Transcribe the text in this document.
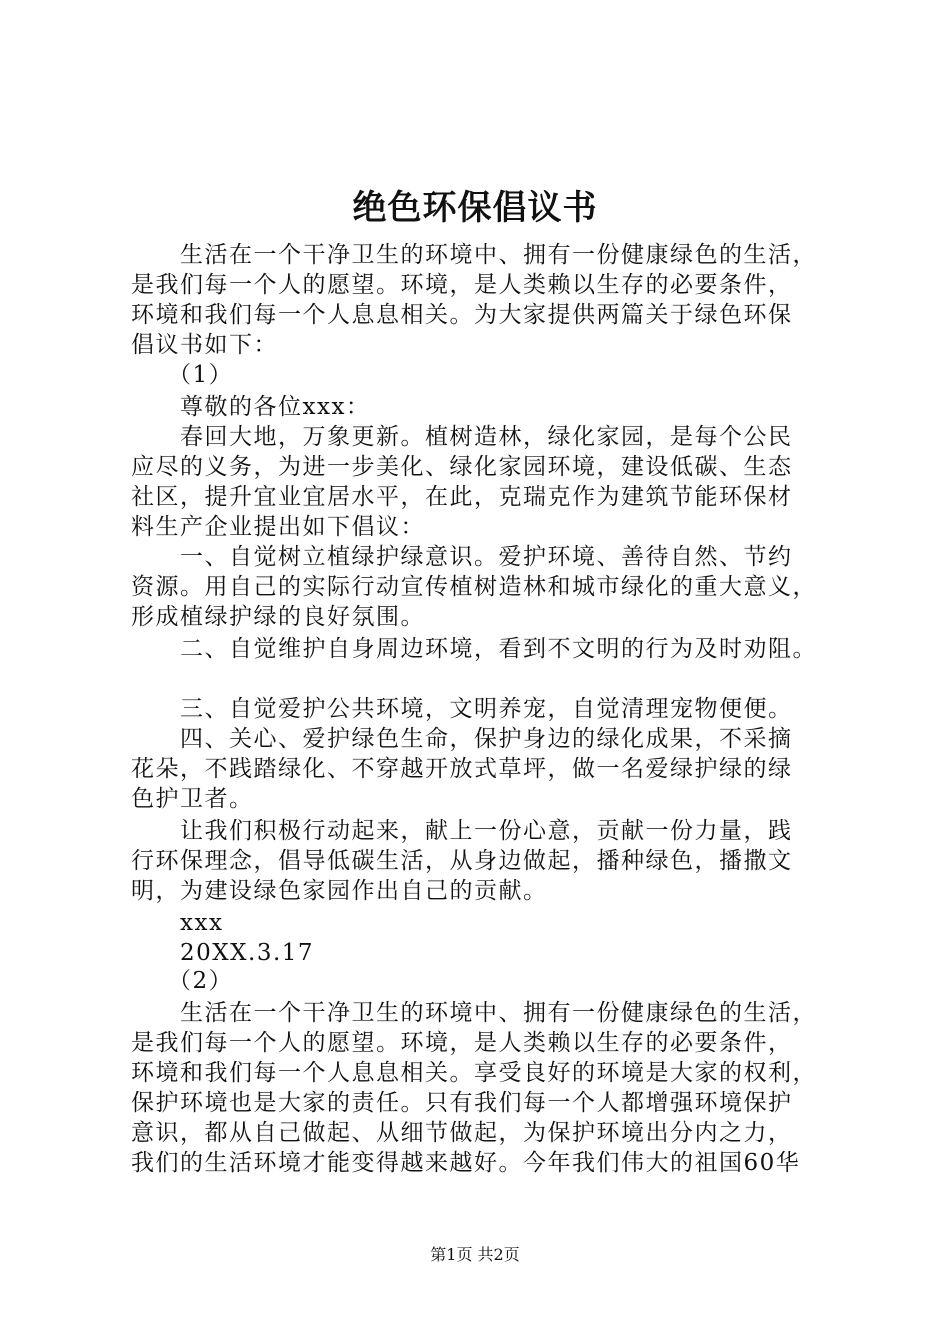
绝色环保倡议书
生活在一个干净卫生的环境中、拥有一份健康绿色的生活，
是我们每一个人的愿望。环境，是人类赖以生存的必要条件，
环境和我们每一个人息息相关。为大家提供两篇关于绿色环保
倡议书如下：
（1）
尊敬的各位xxx：
春回大地，万象更新。植树造林，绿化家园，是每个公民
应尽的义务，为进一步美化、绿化家园环境，建设低碳、生态
社区，提升宜业宜居水平，在此，克瑞克作为建筑节能环保材
料生产企业提出如下倡议：
一、自觉树立植绿护绿意识。爱护环境、善待自然、节约
资源。用自己的实际行动宣传植树造林和城市绿化的重大意义，
形成植绿护绿的良好氛围。
二、自觉维护自身周边环境，看到不文明的行为及时劝阻。
三、自觉爱护公共环境，文明养宠，自觉清理宠物便便。
四、关心、爱护绿色生命，保护身边的绿化成果，不采摘
花朵，不践踏绿化、不穿越开放式草坪，做一名爱绿护绿的绿
色护卫者。
让我们积极行动起来，献上一份心意，贡献一份力量，践
行环保理念，倡导低碳生活，从身边做起，播种绿色，播撒文
明，为建设绿色家园作出自己的贡献。
xxx
20XX.3.17
（2）
生活在一个干净卫生的环境中、拥有一份健康绿色的生活，
是我们每一个人的愿望。环境，是人类赖以生存的必要条件，
环境和我们每一个人息息相关。享受良好的环境是大家的权利，
保护环境也是大家的责任。只有我们每一个人都增强环境保护
意识，都从自己做起、从细节做起，为保护环境出分内之力，
我们的生活环境才能变得越来越好。今年我们伟大的祖国60华
第1页 共2页
